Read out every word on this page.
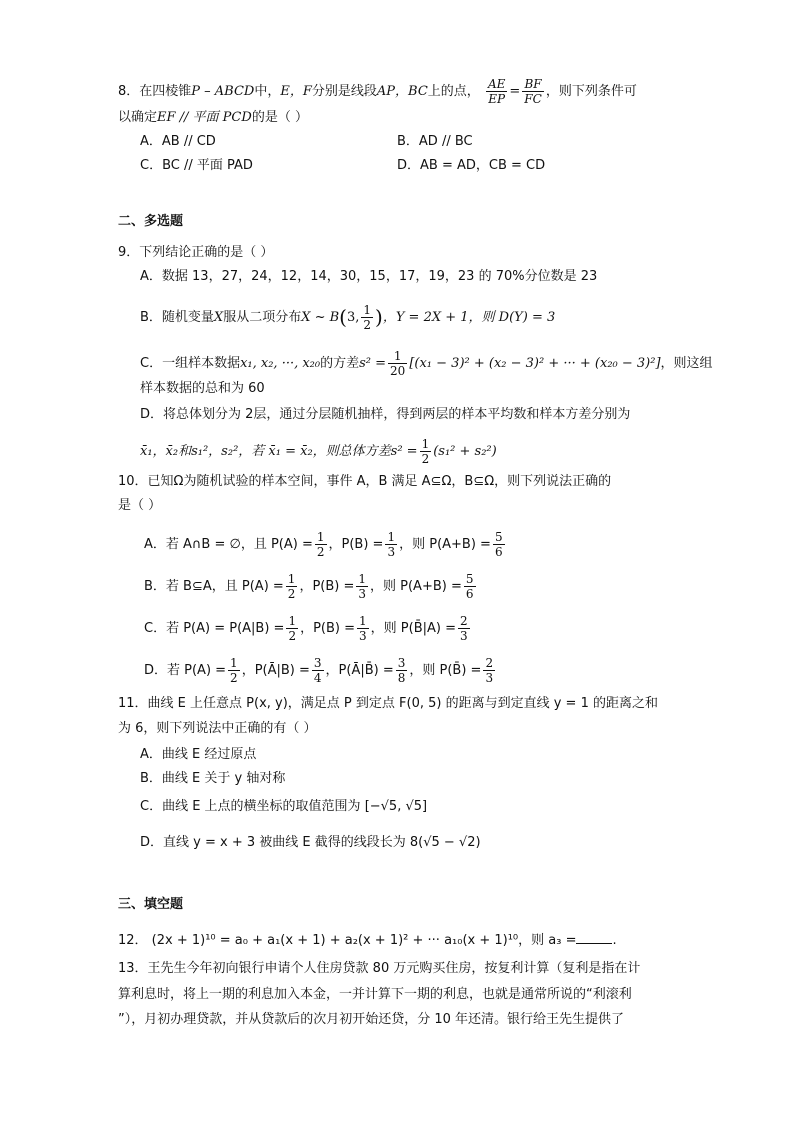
8．在四棱锥P – ABCD中，E，F分别是线段AP，BC上的点， $\frac{AE}{EP} = \frac{BF}{FC}$ ，则下列条件可
以确定EF // 平面 PCD的是（ ）
A．AB // CD	B．AD // BC
C．BC // 平面 PAD	D．AB = AD，CB = CD
二、多选题
9．下列结论正确的是（ ）
A．数据 13，27，24，12，14，30，15，17，19，23 的 70%分位数是 23
B．随机变量X服从二项分布X ~ B(3, $\frac{1}{2}$ )，Y = 2X + 1，则 D(Y) = 3
C．一组样本数据x₁, x₂, ···, x₂₀的方差$s^2 = \frac{1}{20} [(x_1 - 3)^2 + (x_2 - 3)^2$ + ··· + (x₂₀ − 3)²]，则这组
样本数据的总和为 60
D．将总体划分为 2层，通过分层随机抽样，得到两层的样本平均数和样本方差分别为
x̄₁，x̄₂和s₁²，s₂²，若 x̄₁ = x̄₂，则总体方差$s^2 = \frac{1}{2} (s_1^2 + s_2^2)$
10．已知Ω为随机试验的样本空间，事件 A，B 满足 A⊆Ω，B⊆Ω，则下列说法正确的
是（ ）
A．若 A∩B = ∅，且 $P(A) = \frac{1}{2}$ ，$P(B) = \frac{1}{3}$ ，则 $P(A+B) = \frac{5}{6}$
B．若 B⊆A，且 $P(A) = \frac{1}{2}$ ，$P(B) = \frac{1}{3}$ ，则 $P(A+B) = \frac{5}{6}$
C．若 $P(A) = P(A|B) = \frac{1}{2}$ ，$P(B) = \frac{1}{3}$ ，则 P(B̄|A) = $\frac{2}{3}$
D．若 $P(A) = \frac{1}{2}$ ，P(Ā|B) = $\frac{3}{4}$ ，P(Ā|B̄) = $\frac{3}{8}$ ，则 P(B̄) = $\frac{2}{3}$
11．曲线 E 上任意点 P(x, y)，满足点 P 到定点 F(0, 5) 的距离与到定直线 y = 1 的距离之和
为 6，则下列说法中正确的有（ ）
A．曲线 E 经过原点
B．曲线 E 关于 y 轴对称
C．曲线 E 上点的横坐标的取值范围为 [−√5, √5]
D．直线 y = x + 3 被曲线 E 截得的线段长为 8(√5 − √2)
三、填空题
12． (2x + 1)¹⁰ = a₀ + a₁(x + 1) + a₂(x + 1)² + ··· a₁₀(x + 1)¹⁰，则 a₃ =	.
13．王先生今年初向银行申请个人住房贷款 80 万元购买住房，按复利计算（复利是指在计
算利息时，将上一期的利息加入本金，一并计算下一期的利息，也就是通常所说的“利滚利
”），月初办理贷款，并从贷款后的次月初开始还贷，分 10 年还清。银行给王先生提供了
